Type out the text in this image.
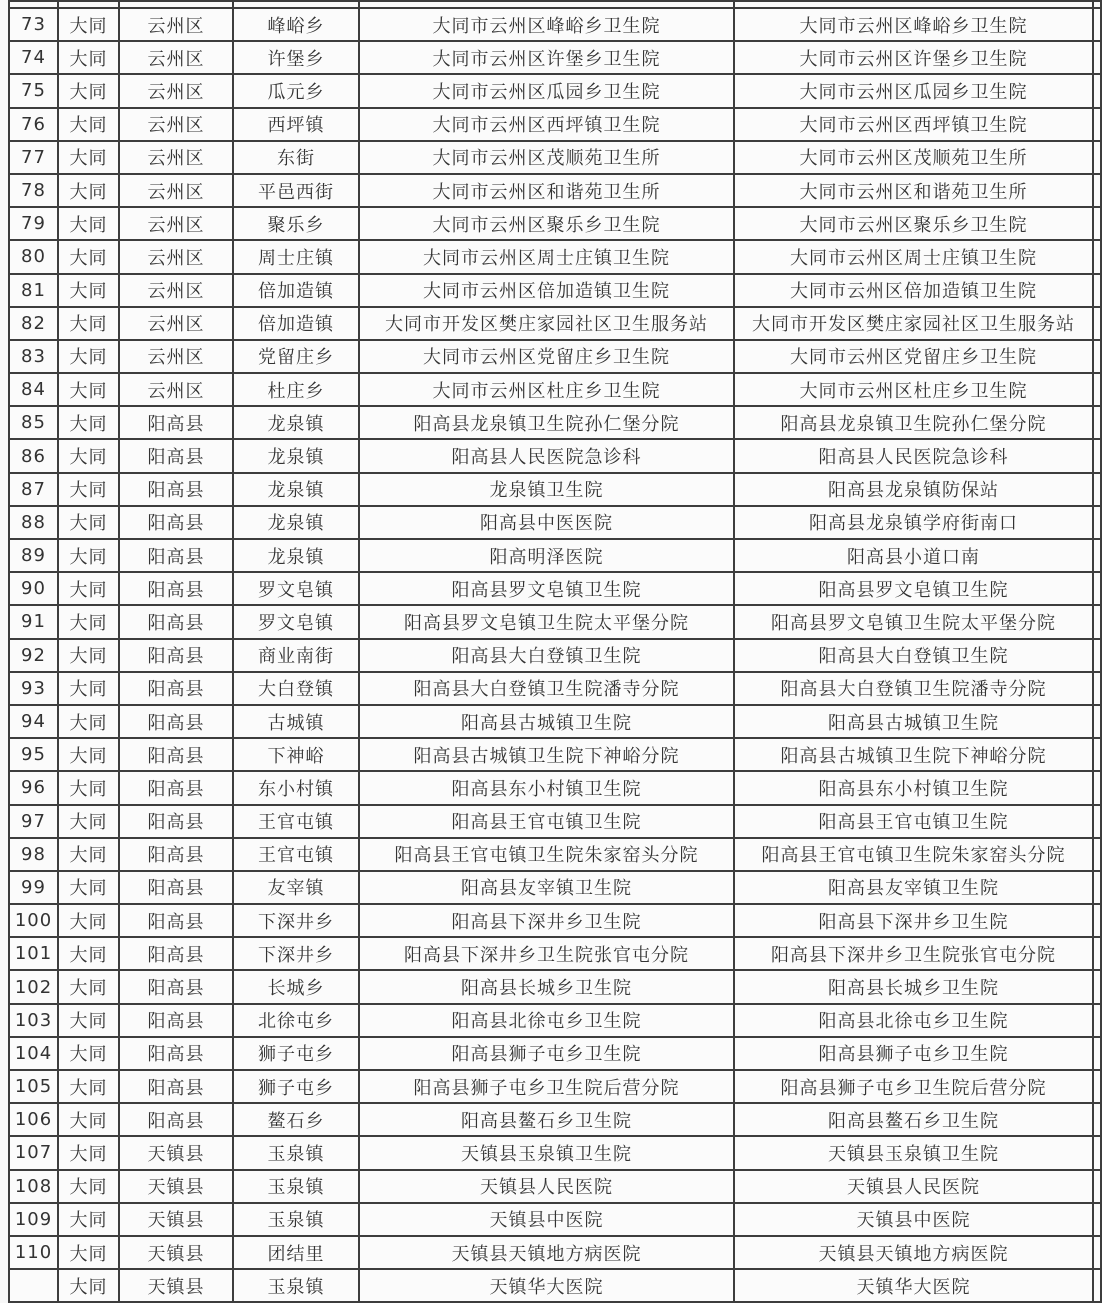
73	大同	云州区	峰峪乡	大同市云州区峰峪乡卫生院	大同市云州区峰峪乡卫生院	
74	大同	云州区	许堡乡	大同市云州区许堡乡卫生院	大同市云州区许堡乡卫生院	
75	大同	云州区	瓜元乡	大同市云州区瓜园乡卫生院	大同市云州区瓜园乡卫生院	
76	大同	云州区	西坪镇	大同市云州区西坪镇卫生院	大同市云州区西坪镇卫生院	
77	大同	云州区	东街	大同市云州区茂顺苑卫生所	大同市云州区茂顺苑卫生所	
78	大同	云州区	平邑西街	大同市云州区和谐苑卫生所	大同市云州区和谐苑卫生所	
79	大同	云州区	聚乐乡	大同市云州区聚乐乡卫生院	大同市云州区聚乐乡卫生院	
80	大同	云州区	周士庄镇	大同市云州区周士庄镇卫生院	大同市云州区周士庄镇卫生院	
81	大同	云州区	倍加造镇	大同市云州区倍加造镇卫生院	大同市云州区倍加造镇卫生院	
82	大同	云州区	倍加造镇	大同市开发区樊庄家园社区卫生服务站	大同市开发区樊庄家园社区卫生服务站	
83	大同	云州区	党留庄乡	大同市云州区党留庄乡卫生院	大同市云州区党留庄乡卫生院	
84	大同	云州区	杜庄乡	大同市云州区杜庄乡卫生院	大同市云州区杜庄乡卫生院	
85	大同	阳高县	龙泉镇	阳高县龙泉镇卫生院孙仁堡分院	阳高县龙泉镇卫生院孙仁堡分院	
86	大同	阳高县	龙泉镇	阳高县人民医院急诊科	阳高县人民医院急诊科	
87	大同	阳高县	龙泉镇	龙泉镇卫生院	阳高县龙泉镇防保站	
88	大同	阳高县	龙泉镇	阳高县中医医院	阳高县龙泉镇学府街南口	
89	大同	阳高县	龙泉镇	阳高明泽医院	阳高县小道口南	
90	大同	阳高县	罗文皂镇	阳高县罗文皂镇卫生院	阳高县罗文皂镇卫生院	
91	大同	阳高县	罗文皂镇	阳高县罗文皂镇卫生院太平堡分院	阳高县罗文皂镇卫生院太平堡分院	
92	大同	阳高县	商业南街	阳高县大白登镇卫生院	阳高县大白登镇卫生院	
93	大同	阳高县	大白登镇	阳高县大白登镇卫生院潘寺分院	阳高县大白登镇卫生院潘寺分院	
94	大同	阳高县	古城镇	阳高县古城镇卫生院	阳高县古城镇卫生院	
95	大同	阳高县	下神峪	阳高县古城镇卫生院下神峪分院	阳高县古城镇卫生院下神峪分院	
96	大同	阳高县	东小村镇	阳高县东小村镇卫生院	阳高县东小村镇卫生院	
97	大同	阳高县	王官屯镇	阳高县王官屯镇卫生院	阳高县王官屯镇卫生院	
98	大同	阳高县	王官屯镇	阳高县王官屯镇卫生院朱家窑头分院	阳高县王官屯镇卫生院朱家窑头分院	
99	大同	阳高县	友宰镇	阳高县友宰镇卫生院	阳高县友宰镇卫生院	
100	大同	阳高县	下深井乡	阳高县下深井乡卫生院	阳高县下深井乡卫生院	
101	大同	阳高县	下深井乡	阳高县下深井乡卫生院张官屯分院	阳高县下深井乡卫生院张官屯分院	
102	大同	阳高县	长城乡	阳高县长城乡卫生院	阳高县长城乡卫生院	
103	大同	阳高县	北徐屯乡	阳高县北徐屯乡卫生院	阳高县北徐屯乡卫生院	
104	大同	阳高县	狮子屯乡	阳高县狮子屯乡卫生院	阳高县狮子屯乡卫生院	
105	大同	阳高县	狮子屯乡	阳高县狮子屯乡卫生院后营分院	阳高县狮子屯乡卫生院后营分院	
106	大同	阳高县	鳌石乡	阳高县鳌石乡卫生院	阳高县鳌石乡卫生院	
107	大同	天镇县	玉泉镇	天镇县玉泉镇卫生院	天镇县玉泉镇卫生院	
108	大同	天镇县	玉泉镇	天镇县人民医院	天镇县人民医院	
109	大同	天镇县	玉泉镇	天镇县中医院	天镇县中医院	
110	大同	天镇县	团结里	天镇县天镇地方病医院	天镇县天镇地方病医院	
	大同	天镇县	玉泉镇	天镇华大医院	天镇华大医院	
